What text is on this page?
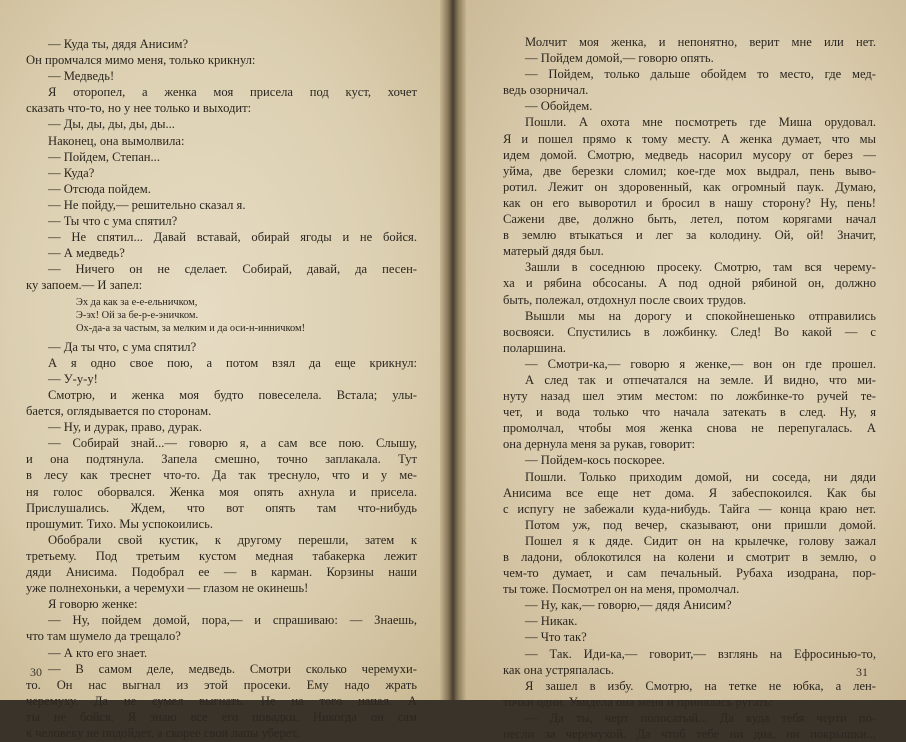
— Куда ты, дядя Анисим?
Он промчался мимо меня, только крикнул:
— Медведь!
Я оторопел, а женка моя присела под куст, хочет
сказать что-то, но у нее только и выходит:
— Ды, ды, ды, ды, ды...
Наконец, она вымолвила:
— Пойдем, Степан...
— Куда?
— Отсюда пойдем.
— Не пойду,— решительно сказал я.
— Ты что с ума спятил?
— Не спятил... Давай вставай, обирай ягоды и не бойся.
— А медведь?
— Ничего он не сделает. Собирай, давай, да песен-
ку запоем.— И запел:
Эх да как за е-е-ельничком,
Э-эх! Ой за бе-р-е-эничком.
Ох-да-а за частым, за мелким и да оси-н-инничком!
— Да ты что, с ума спятил?
А я одно свое пою, а потом взял да еще крикнул:
— У-у-у!
Смотрю, и женка моя будто повеселела. Встала; улы-
бается, оглядывается по сторонам.
— Ну, и дурак, право, дурак.
— Собирай знай...— говорю я, а сам все пою. Слышу,
и она подтянула. Запела смешно, точно заплакала. Тут
в лесу как треснет что-то. Да так треснуло, что и у ме-
ня голос оборвался. Женка моя опять ахнула и присела.
Прислушались. Ждем, что вот опять там что-нибудь
прошумит. Тихо. Мы успокоились.
Обобрали свой кустик, к другому перешли, затем к
третьему. Под третьим кустом медная табакерка лежит
дяди Анисима. Подобрал ее — в карман. Корзины наши
уже полнехоньки, а черемухи — глазом не окинешь!
Я говорю женке:
— Ну, пойдем домой, пора,— и спрашиваю: — Знаешь,
что там шумело да трещало?
— А кто его знает.
— В самом деле, медведь. Смотри сколько черемухи-
то. Он нас выгнал из этой просеки. Ему надо жрать
черемуху. Да не сумел выгнать. Не на того напал. А
ты не бойся. Я знаю все его повадки. Никогда он сам
к человеку не подойдет, а скорее свои лапы уберет.
30
Молчит моя женка, и непонятно, верит мне или нет.
— Пойдем домой,— говорю опять.
— Пойдем, только дальше обойдем то место, где мед-
ведь озорничал.
— Обойдем.
Пошли. А охота мне посмотреть где Миша орудовал.
Я и пошел прямо к тому месту. А женка думает, что мы
идем домой. Смотрю, медведь насорил мусору от берез —
уйма, две березки сломил; кое-где мох выдрал, пень выво-
ротил. Лежит он здоровенный, как огромный паук. Думаю,
как он его выворотил и бросил в нашу сторону? Ну, пень!
Сажени две, должно быть, летел, потом корягами начал
в землю втыкаться и лег за колодину. Ой, ой! Значит,
матерый дядя был.
Зашли в соседнюю просеку. Смотрю, там вся черему-
ха и рябина обсосаны. А под одной рябиной он, должно
быть, полежал, отдохнул после своих трудов.
Вышли мы на дорогу и спокойнешенько отправились
восвояси. Спустились в ложбинку. След! Во какой — с
поларшина.
— Смотри-ка,— говорю я женке,— вон он где прошел.
А след так и отпечатался на земле. И видно, что ми-
нуту назад шел этим местом: по ложбинке-то ручей те-
чет, и вода только что начала затекать в след. Ну, я
промолчал, чтобы моя женка снова не перепугалась. А
она дернула меня за рукав, говорит:
— Пойдем-кось поскорее.
Пошли. Только приходим домой, ни соседа, ни дяди
Анисима все еще нет дома. Я забеспокоился. Как бы
с испугу не забежали куда-нибудь. Тайга — конца краю нет.
Потом уж, под вечер, сказывают, они пришли домой.
Пошел я к дяде. Сидит он на крылечке, голову зажал
в ладони, облокотился на колени и смотрит в землю, о
чем-то думает, и сам печальный. Рубаха изодрана, пор-
ты тоже. Посмотрел он на меня, промолчал.
— Ну, как,— говорю,— дядя Анисим?
— Никак.
— Что так?
— Так. Иди-ка,— говорит,— взглянь на Ефросинью-то,
как она устряпалась.
Я зашел в избу. Смотрю, на тетке не юбка, а лен-
точки одни. Увидела она меня и принялась ругать:
— Да ты, черт полосатый... Да куда тебя черти по-
несли за черемухой. Да чтоб тебе ни дна, ни покрышки...
31
